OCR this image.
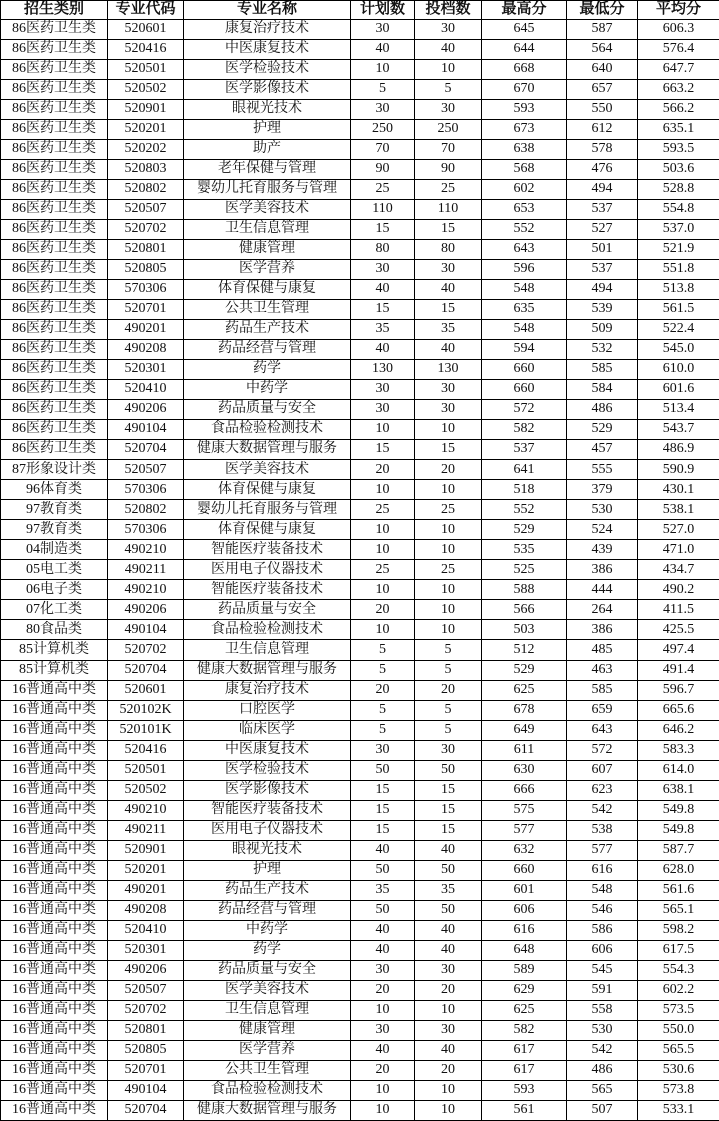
招生类别	专业代码	专业名称	计划数	投档数	最高分	最低分	平均分
86医药卫生类	520601	康复治疗技术	30	30	645	587	606.3
86医药卫生类	520416	中医康复技术	40	40	644	564	576.4
86医药卫生类	520501	医学检验技术	10	10	668	640	647.7
86医药卫生类	520502	医学影像技术	5	5	670	657	663.2
86医药卫生类	520901	眼视光技术	30	30	593	550	566.2
86医药卫生类	520201	护理	250	250	673	612	635.1
86医药卫生类	520202	助产	70	70	638	578	593.5
86医药卫生类	520803	老年保健与管理	90	90	568	476	503.6
86医药卫生类	520802	婴幼儿托育服务与管理	25	25	602	494	528.8
86医药卫生类	520507	医学美容技术	110	110	653	537	554.8
86医药卫生类	520702	卫生信息管理	15	15	552	527	537.0
86医药卫生类	520801	健康管理	80	80	643	501	521.9
86医药卫生类	520805	医学营养	30	30	596	537	551.8
86医药卫生类	570306	体育保健与康复	40	40	548	494	513.8
86医药卫生类	520701	公共卫生管理	15	15	635	539	561.5
86医药卫生类	490201	药品生产技术	35	35	548	509	522.4
86医药卫生类	490208	药品经营与管理	40	40	594	532	545.0
86医药卫生类	520301	药学	130	130	660	585	610.0
86医药卫生类	520410	中药学	30	30	660	584	601.6
86医药卫生类	490206	药品质量与安全	30	30	572	486	513.4
86医药卫生类	490104	食品检验检测技术	10	10	582	529	543.7
86医药卫生类	520704	健康大数据管理与服务	15	15	537	457	486.9
87形象设计类	520507	医学美容技术	20	20	641	555	590.9
96体育类	570306	体育保健与康复	10	10	518	379	430.1
97教育类	520802	婴幼儿托育服务与管理	25	25	552	530	538.1
97教育类	570306	体育保健与康复	10	10	529	524	527.0
04制造类	490210	智能医疗装备技术	10	10	535	439	471.0
05电工类	490211	医用电子仪器技术	25	25	525	386	434.7
06电子类	490210	智能医疗装备技术	10	10	588	444	490.2
07化工类	490206	药品质量与安全	20	10	566	264	411.5
80食品类	490104	食品检验检测技术	10	10	503	386	425.5
85计算机类	520702	卫生信息管理	5	5	512	485	497.4
85计算机类	520704	健康大数据管理与服务	5	5	529	463	491.4
16普通高中类	520601	康复治疗技术	20	20	625	585	596.7
16普通高中类	520102K	口腔医学	5	5	678	659	665.6
16普通高中类	520101K	临床医学	5	5	649	643	646.2
16普通高中类	520416	中医康复技术	30	30	611	572	583.3
16普通高中类	520501	医学检验技术	50	50	630	607	614.0
16普通高中类	520502	医学影像技术	15	15	666	623	638.1
16普通高中类	490210	智能医疗装备技术	15	15	575	542	549.8
16普通高中类	490211	医用电子仪器技术	15	15	577	538	549.8
16普通高中类	520901	眼视光技术	40	40	632	577	587.7
16普通高中类	520201	护理	50	50	660	616	628.0
16普通高中类	490201	药品生产技术	35	35	601	548	561.6
16普通高中类	490208	药品经营与管理	50	50	606	546	565.1
16普通高中类	520410	中药学	40	40	616	586	598.2
16普通高中类	520301	药学	40	40	648	606	617.5
16普通高中类	490206	药品质量与安全	30	30	589	545	554.3
16普通高中类	520507	医学美容技术	20	20	629	591	602.2
16普通高中类	520702	卫生信息管理	10	10	625	558	573.5
16普通高中类	520801	健康管理	30	30	582	530	550.0
16普通高中类	520805	医学营养	40	40	617	542	565.5
16普通高中类	520701	公共卫生管理	20	20	617	486	530.6
16普通高中类	490104	食品检验检测技术	10	10	593	565	573.8
16普通高中类	520704	健康大数据管理与服务	10	10	561	507	533.1
